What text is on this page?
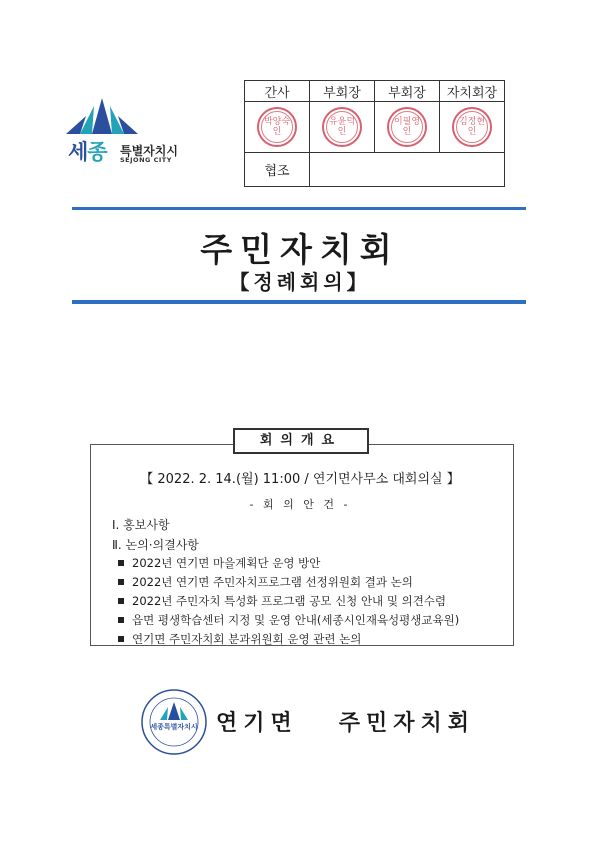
세종 특별자치시
SEJONG CITY
간사	부회장	부회장	자치회장

박양숙인	유윤덕인	이필영인	김정현인

협조			
주민자치회
【정례회의】
회의개요
【 2022. 2. 14.(월) 11:00 / 연기면사무소 대회의실 】
- 회 의 안 건 -
Ⅰ. 홍보사항
Ⅱ. 논의·의결사항
2022년 연기면 마을계획단 운영 방안
2022년 연기면 주민자치프로그램 선정위원회 결과 논의
2022년 주민자치 특성화 프로그램 공모 신청 안내 및 의견수렴
읍면 평생학습센터 지정 및 운영 안내(세종시인재육성평생교육원)
연기면 주민자치회 분과위원회 운영 관련 논의
세종특별자치시 연기면   주민자치회
